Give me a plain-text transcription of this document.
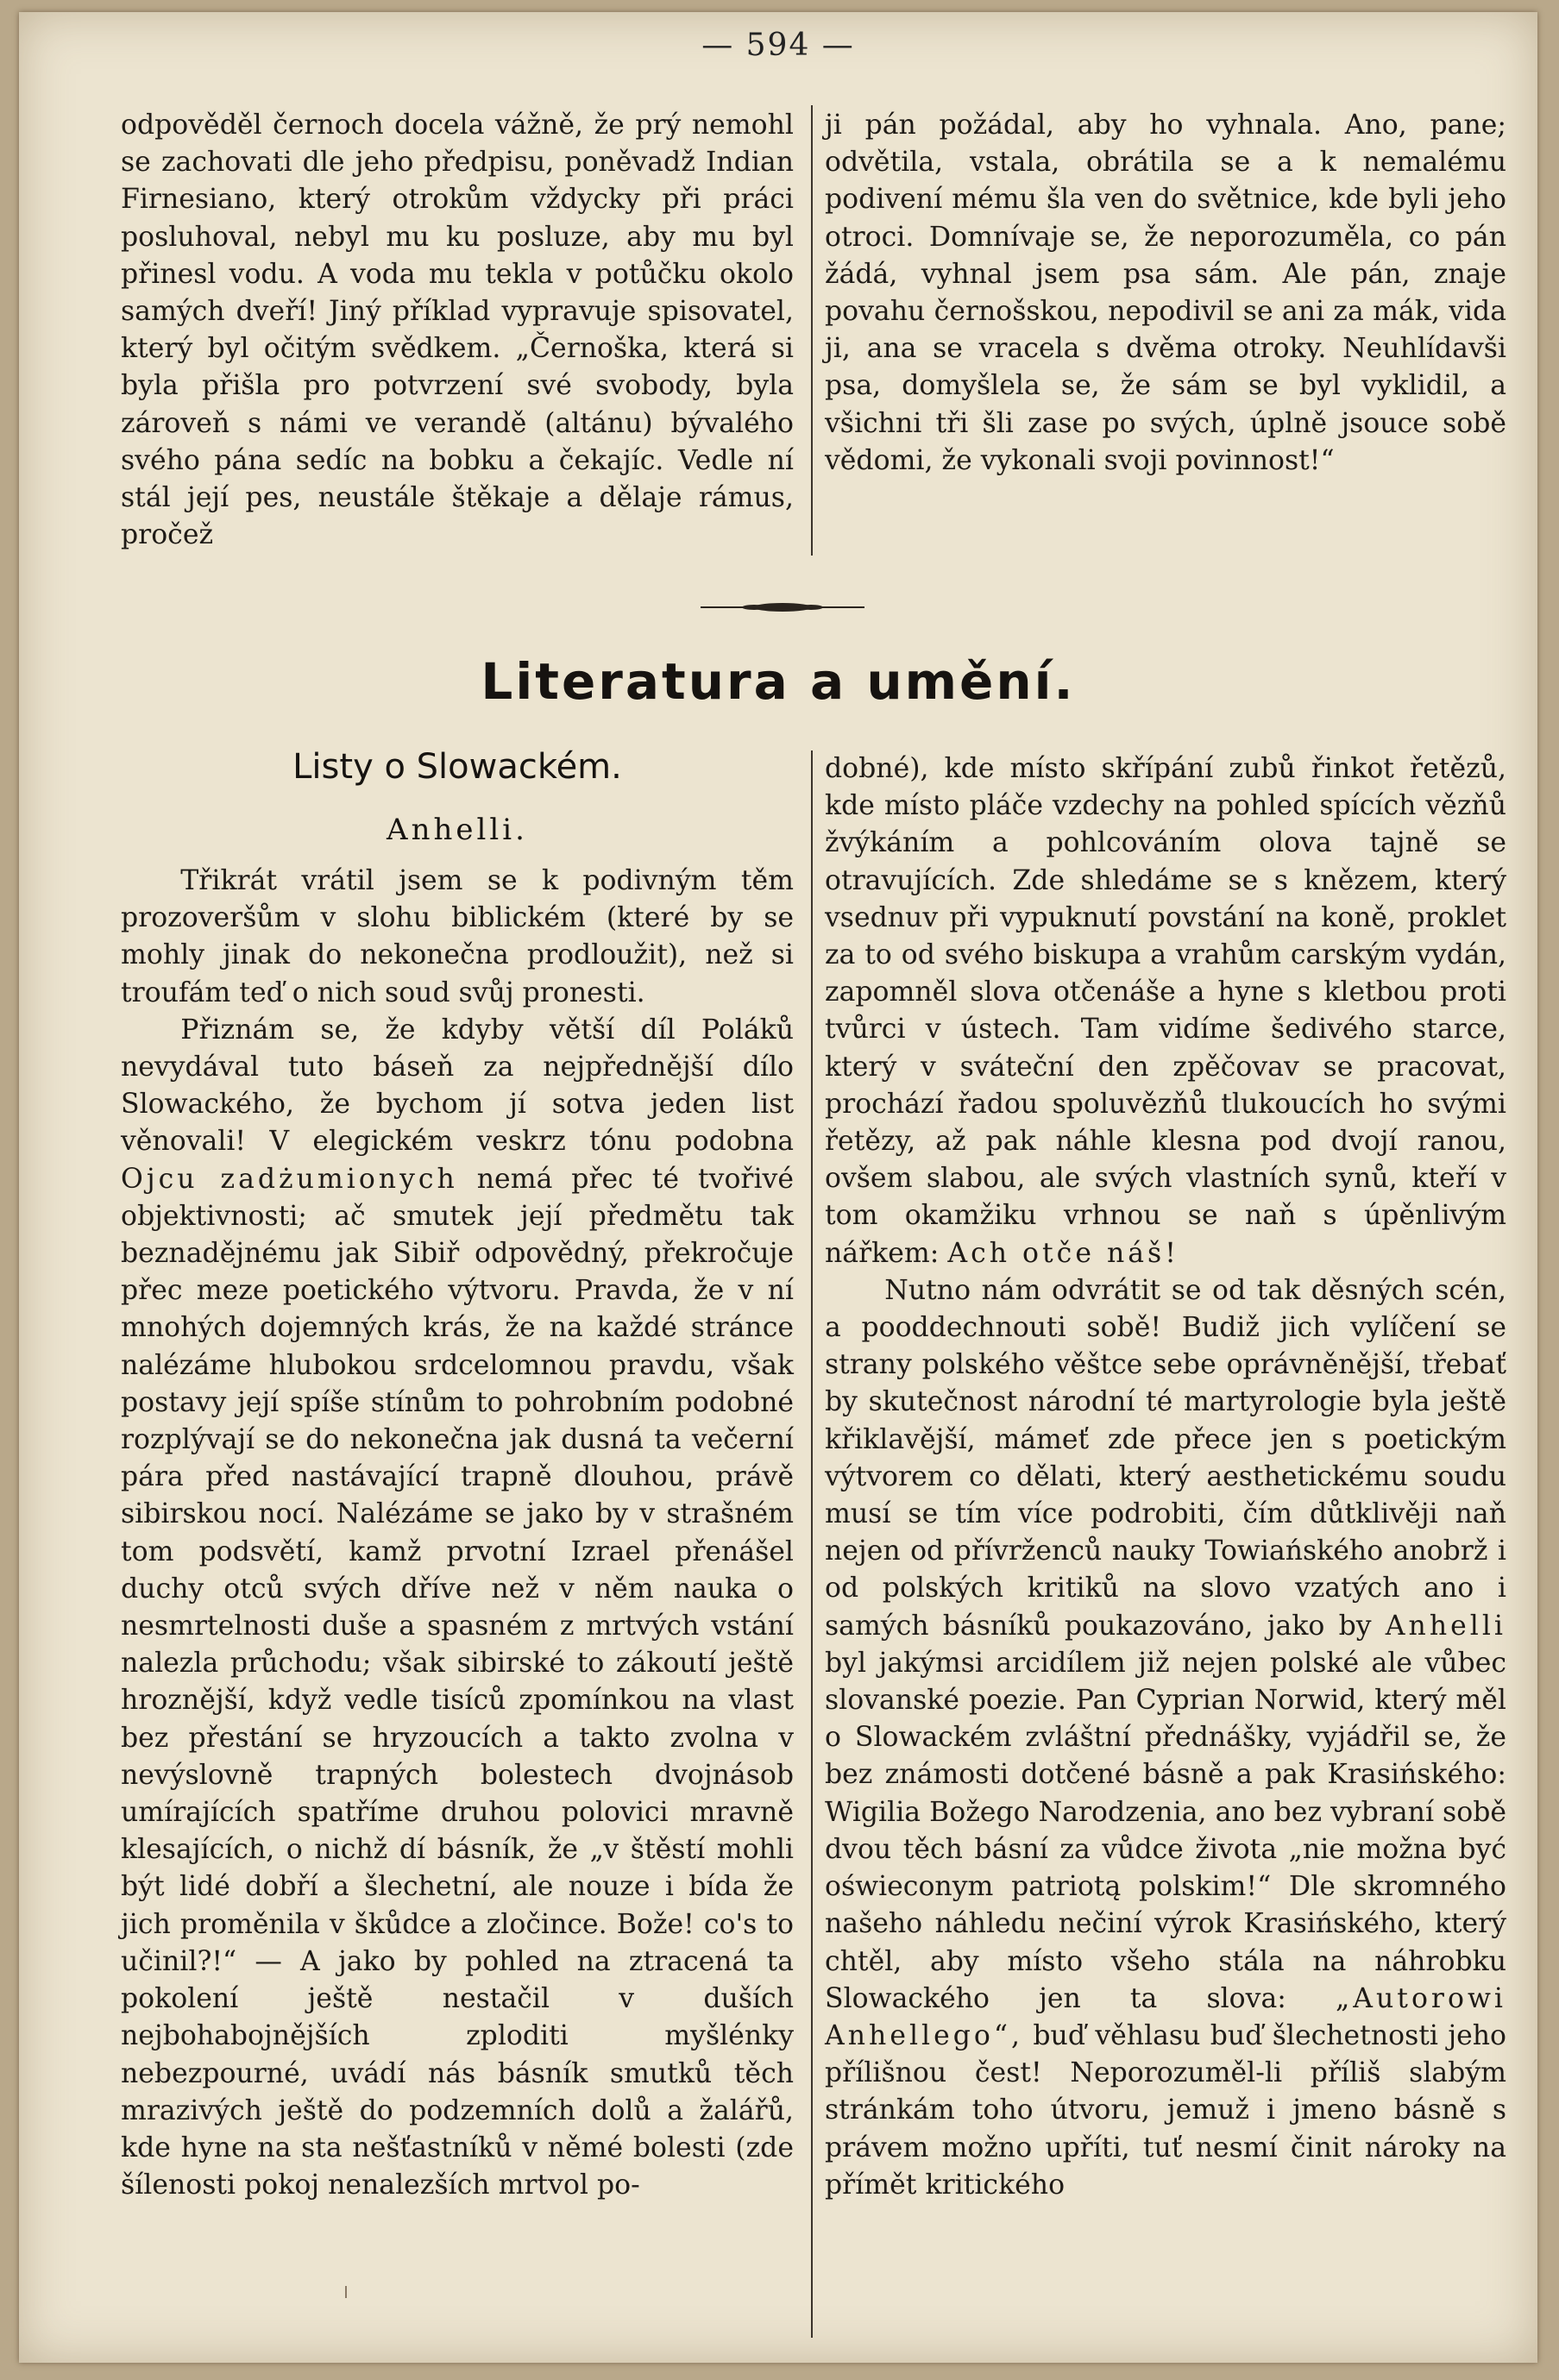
— 594 —

odpověděl černoch docela vážně, že prý nemohl se zachovati dle jeho předpisu, poněvadž Indian Firnesiano, který otrokům vždycky při práci posluhoval, nebyl mu ku posluze, aby mu byl přinesl vodu. A voda mu tekla v potůčku okolo samých dveří! Jiný příklad vypravuje spisovatel, který byl očitým svědkem. „Černoška, která si byla přišla pro potvrzení své svobody, byla zároveň s námi ve verandě (altánu) bývalého svého pána sedíc na bobku a čekajíc. Vedle ní stál její pes, neustále štěkaje a dělaje rámus, pročež

ji pán požádal, aby ho vyhnala. Ano, pane; odvětila, vstala, obrátila se a k nemalému podivení mému šla ven do světnice, kde byli jeho otroci. Domnívaje se, že neporozuměla, co pán žádá, vyhnal jsem psa sám. Ale pán, znaje povahu černošskou, nepodivil se ani za mák, vida ji, ana se vracela s dvěma otroky. Neuhlídavši psa, domyšlela se, že sám se byl vyklidil, a všichni tři šli zase po svých, úplně jsouce sobě vědomi, že vykonali svoji povinnost!“

Literatura a umění.
Listy o Slowackém.
Anhelli.

Třikrát vrátil jsem se k podivným těm prozoveršům v slohu biblickém (které by se mohly jinak do nekonečna prodloužit), než si troufám teď o nich soud svůj pronesti.

Přiznám se, že kdyby větší díl Poláků nevydával tuto báseň za nejpřednější dílo Slowackého, že bychom jí sotva jeden list věnovali! V elegickém veskrz tónu podobna Ojcu zadżumionych nemá přec té tvořivé objektivnosti; ač smutek její předmětu tak beznadějnému jak Sibiř odpovědný, překročuje přec meze poetického výtvoru. Pravda, že v ní mnohých dojemných krás, že na každé stránce nalézáme hlubokou srdcelomnou pravdu, však postavy její spíše stínům to pohrobním podobné rozplývají se do nekonečna jak dusná ta večerní pára před nastávající trapně dlouhou, právě sibirskou nocí. Nalézáme se jako by v strašném tom podsvětí, kamž prvotní Izrael přenášel duchy otců svých dříve než v něm nauka o nesmrtelnosti duše a spasném z mrtvých vstání nalezla průchodu; však sibirské to zákoutí ještě hroznější, když vedle tisíců zpomínkou na vlast bez přestání se hryzoucích a takto zvolna v nevýslovně trapných bolestech dvojnásob umírajících spatříme druhou polovici mravně klesajících, o nichž dí básník, že „v štěstí mohli být lidé dobří a šlechetní, ale nouze i bída že jich proměnila v škůdce a zločince. Bože! co's to učinil?!“ — A jako by pohled na ztracená ta pokolení ještě nestačil v duších nejbohabojnějších zploditi myšlénky nebezpourné, uvádí nás básník smutků těch mrazivých ještě do podzemních dolů a žalářů, kde hyne na sta nešťastníků v němé bolesti (zde šílenosti pokoj nenalezších mrtvol po-

dobné), kde místo skřípání zubů řinkot řetězů, kde místo pláče vzdechy na pohled spících vězňů žvýkáním a pohlcováním olova tajně se otravujících. Zde shledáme se s knězem, který vsednuv při vypuknutí povstání na koně, proklet za to od svého biskupa a vrahům carským vydán, zapomněl slova otčenáše a hyne s kletbou proti tvůrci v ústech. Tam vidíme šedivého starce, který v sváteční den zpěčovav se pracovat, prochází řadou spoluvězňů tlukoucích ho svými řetězy, až pak náhle klesna pod dvojí ranou, ovšem slabou, ale svých vlastních synů, kteří v tom okamžiku vrhnou se naň s úpěnlivým nářkem: Ach otče náš!

Nutno nám odvrátit se od tak děsných scén, a pooddechnouti sobě! Budiž jich vylíčení se strany polského věštce sebe oprávněnější, třebať by skutečnost národní té martyrologie byla ještě křiklavější, mámeť zde přece jen s poetickým výtvorem co dělati, který aesthetickému soudu musí se tím více podrobiti, čím důtklivěji naň nejen od přívrženců nauky Towiańského anobrž i od polských kritiků na slovo vzatých ano i samých básníků poukazováno, jako by Anhelli byl jakýmsi arcidílem již nejen polské ale vůbec slovanské poezie. Pan Cyprian Norwid, který měl o Slowackém zvláštní přednášky, vyjádřil se, že bez známosti dotčené básně a pak Krasińského: Wigilia Božego Narodzenia, ano bez vybraní sobě dvou těch básní za vůdce života „nie možna być oświeconym patriotą polskim!“ Dle skromného našeho náhledu nečiní výrok Krasińského, který chtěl, aby místo všeho stála na náhrobku Slowackého jen ta slova: „Autorowi Anhellego“, buď věhlasu buď šlechetnosti jeho přílišnou čest! Neporozuměl-li příliš slabým stránkám toho útvoru, jemuž i jmeno básně s právem možno upříti, tuť nesmí činit nároky na přímět kritického
